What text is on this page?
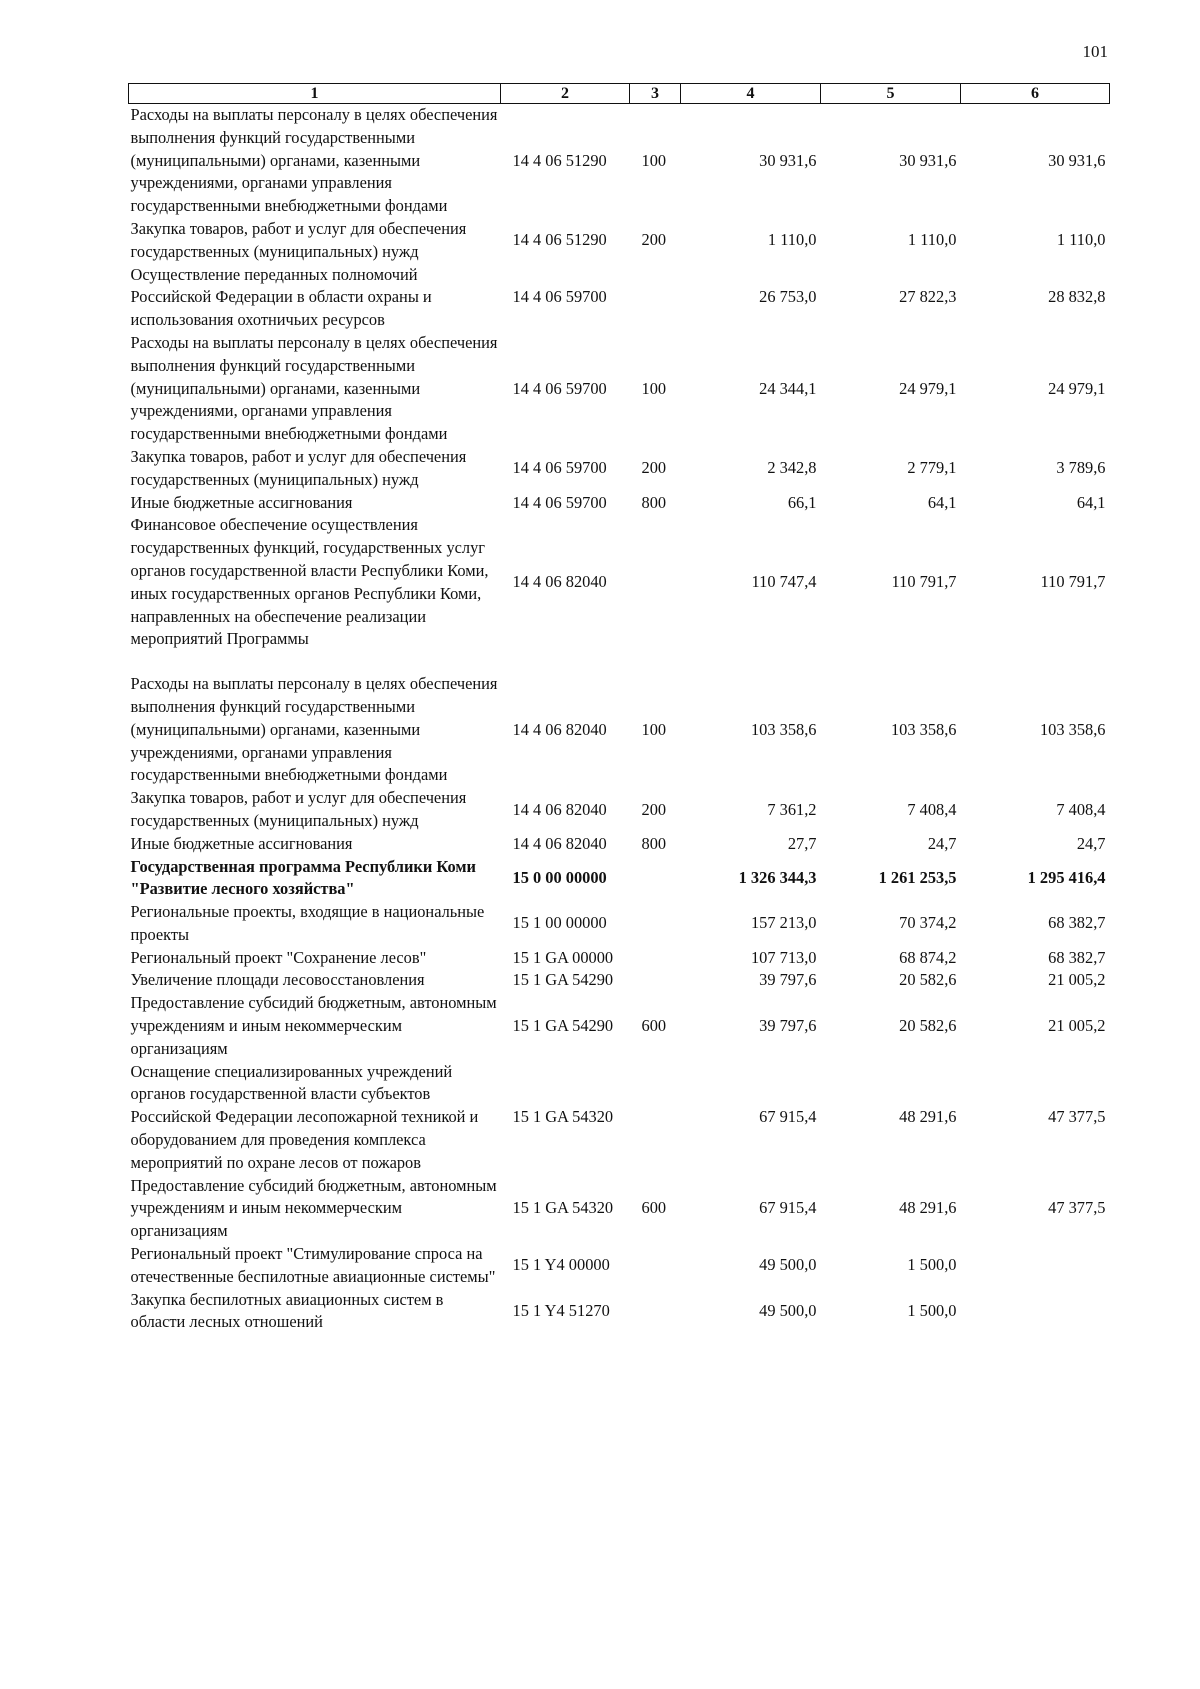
101
1	2	3	4	5	6
Расходы на выплаты персоналу в целях обеспечения выполнения функций государственными (муниципальными) органами, казенными учреждениями, органами управления государственными внебюджетными фондами	14 4 06 51290	100	30 931,6	30 931,6	30 931,6
Закупка товаров, работ и услуг для обеспечения государственных (муниципальных) нужд	14 4 06 51290	200	1 110,0	1 110,0	1 110,0
Осуществление переданных полномочий Российской Федерации в области охраны и использования охотничьих ресурсов	14 4 06 59700		26 753,0	27 822,3	28 832,8
Расходы на выплаты персоналу в целях обеспечения выполнения функций государственными (муниципальными) органами, казенными учреждениями, органами управления государственными внебюджетными фондами	14 4 06 59700	100	24 344,1	24 979,1	24 979,1
Закупка товаров, работ и услуг для обеспечения государственных (муниципальных) нужд	14 4 06 59700	200	2 342,8	2 779,1	3 789,6
Иные бюджетные ассигнования	14 4 06 59700	800	66,1	64,1	64,1
Финансовое обеспечение осуществления государственных функций, государственных услуг органов государственной власти Республики Коми, иных государственных органов Республики Коми, направленных на обеспечение реализации мероприятий Программы	14 4 06 82040		110 747,4	110 791,7	110 791,7
Расходы на выплаты персоналу в целях обеспечения выполнения функций государственными (муниципальными) органами, казенными учреждениями, органами управления государственными внебюджетными фондами	14 4 06 82040	100	103 358,6	103 358,6	103 358,6
Закупка товаров, работ и услуг для обеспечения государственных (муниципальных) нужд	14 4 06 82040	200	7 361,2	7 408,4	7 408,4
Иные бюджетные ассигнования	14 4 06 82040	800	27,7	24,7	24,7
Государственная программа Республики Коми "Развитие лесного хозяйства"	15 0 00 00000		1 326 344,3	1 261 253,5	1 295 416,4
Региональные проекты, входящие в национальные проекты	15 1 00 00000		157 213,0	70 374,2	68 382,7
Региональный проект "Сохранение лесов"	15 1 GA 00000		107 713,0	68 874,2	68 382,7
Увеличение площади лесовосстановления	15 1 GA 54290		39 797,6	20 582,6	21 005,2
Предоставление субсидий бюджетным, автономным учреждениям и иным некоммерческим организациям	15 1 GA 54290	600	39 797,6	20 582,6	21 005,2
Оснащение специализированных учреждений органов государственной власти субъектов Российской Федерации лесопожарной техникой и оборудованием для проведения комплекса мероприятий по охране лесов от пожаров	15 1 GA 54320		67 915,4	48 291,6	47 377,5
Предоставление субсидий бюджетным, автономным учреждениям и иным некоммерческим организациям	15 1 GA 54320	600	67 915,4	48 291,6	47 377,5
Региональный проект "Стимулирование спроса на отечественные беспилотные авиационные системы"	15 1 Y4 00000		49 500,0	1 500,0	
Закупка беспилотных авиационных систем в области лесных отношений	15 1 Y4 51270		49 500,0	1 500,0	
